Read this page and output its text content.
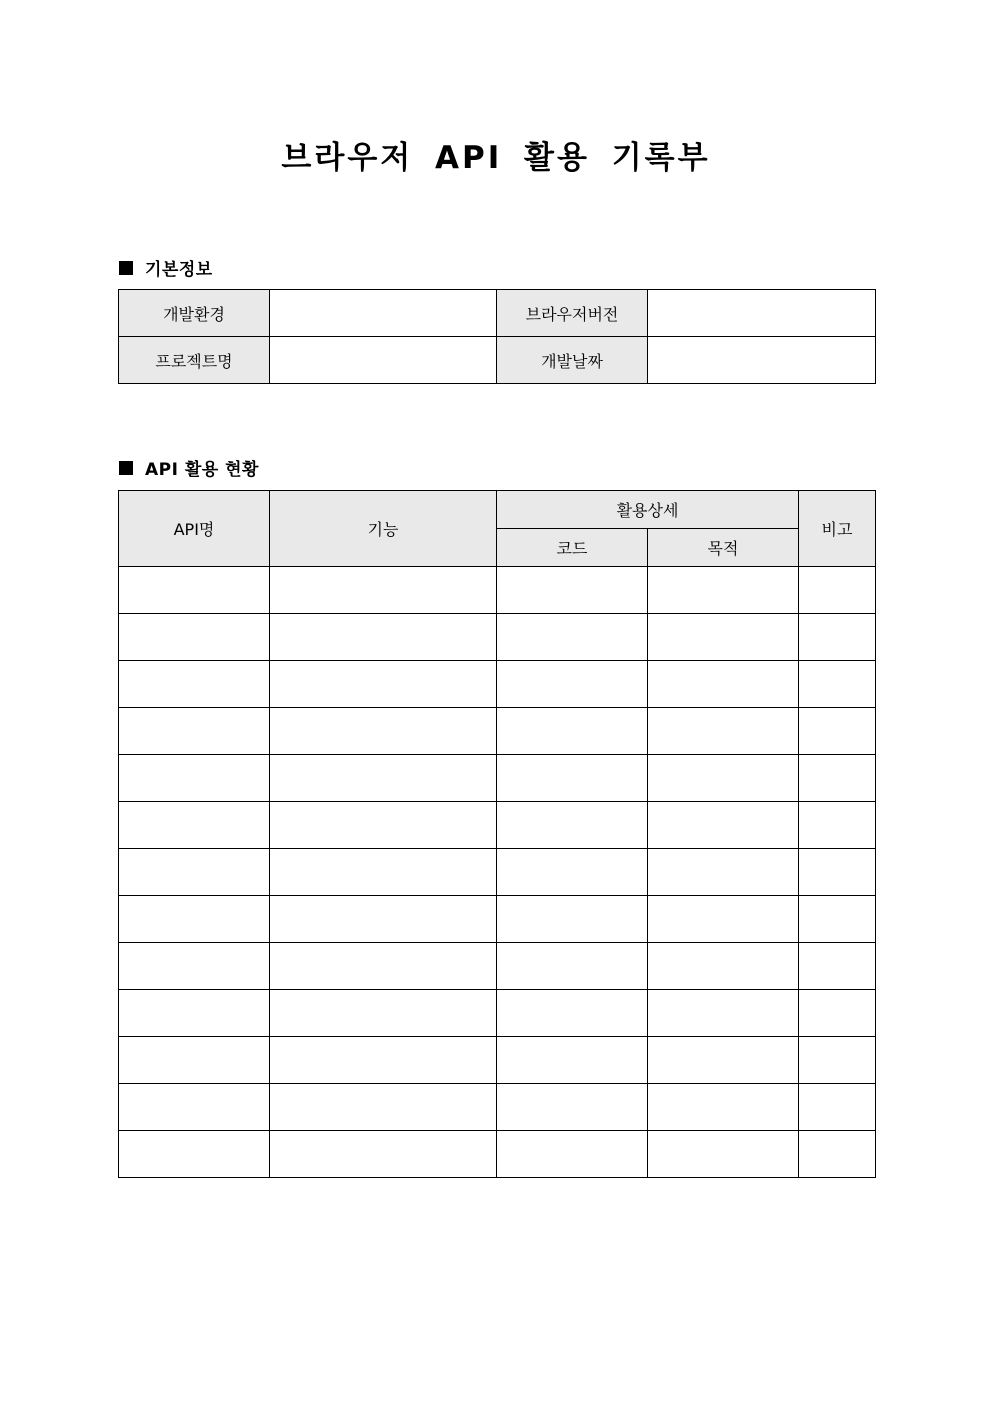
브라우저 API 활용 기록부
기본정보
개발환경		브라우저버전	
프로젝트명		개발날짜	
API 활용 현황
API명	기능	활용상세		비고
		코드	목적	
